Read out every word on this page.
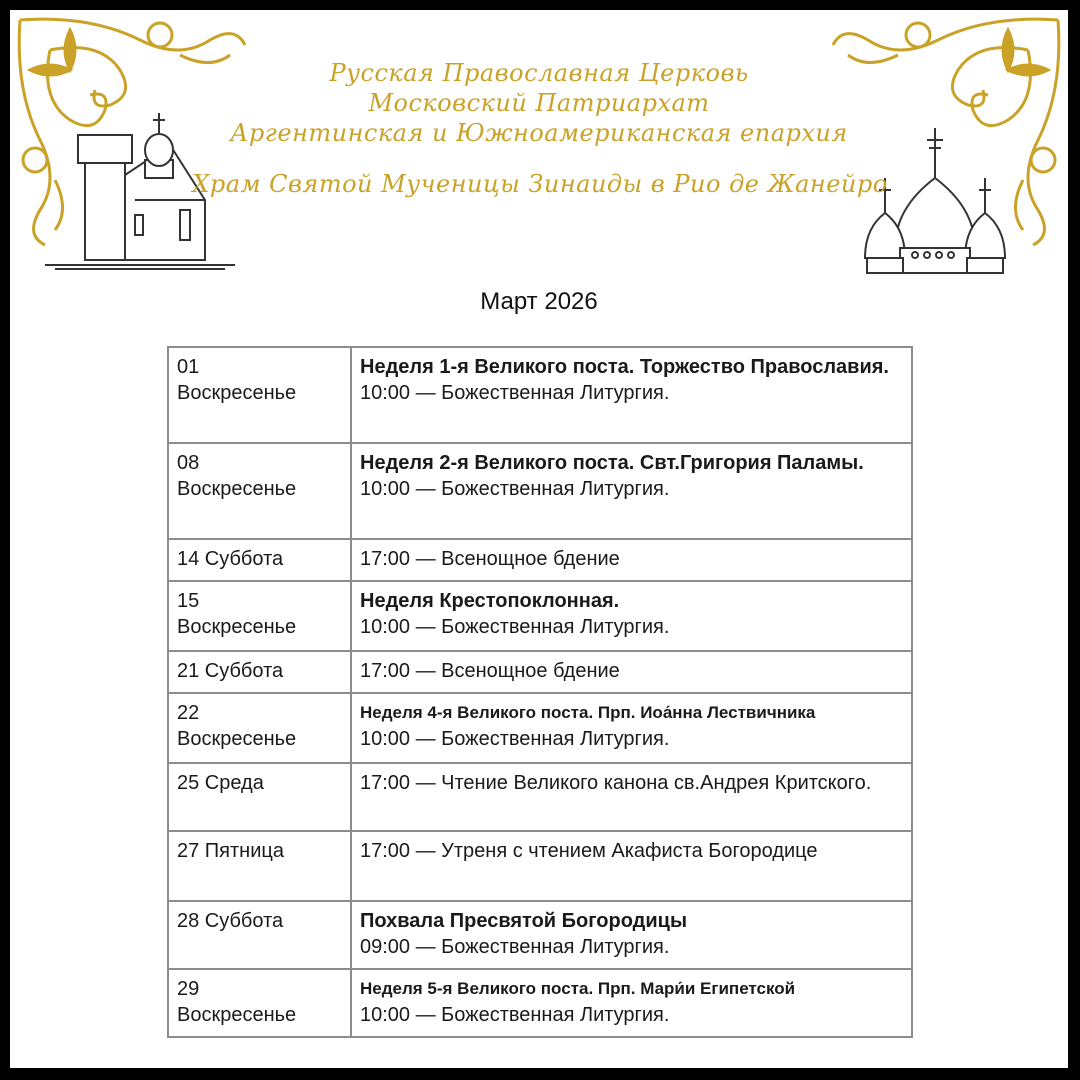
Русская Православная Церковь
Московский Патриархат
Аргентинская и Южноамериканская епархия
Храм Святой Мученицы Зинаиды в Рио де Жанейро
Март 2026
01
Воскресенье	Неделя 1-я Великого поста. Торжество Православия.
10:00 — Божественная Литургия.

08
Воскресенье	Неделя 2-я Великого поста. Свт.Григория Паламы.
10:00 — Божественная Литургия.

14 Суббота	17:00 — Всенощное бдение

15
Воскресенье	Неделя Крестопоклонная.
10:00 — Божественная Литургия.

21 Суббота	17:00 — Всенощное бдение

22
Воскресенье	Неделя 4-я Великого поста. Прп. Иоа́нна Лествичника
10:00 — Божественная Литургия.

25 Среда	17:00 — Чтение Великого канона св.Андрея Критского.

27 Пятница	17:00 — Утреня с чтением Акафиста Богородице

28 Суббота	Похвала Пресвятой Богородицы
09:00 — Божественная Литургия.

29
Воскресенье	Неделя 5-я Великого поста. Прп. Мари́и Египетской
10:00 — Божественная Литургия.
